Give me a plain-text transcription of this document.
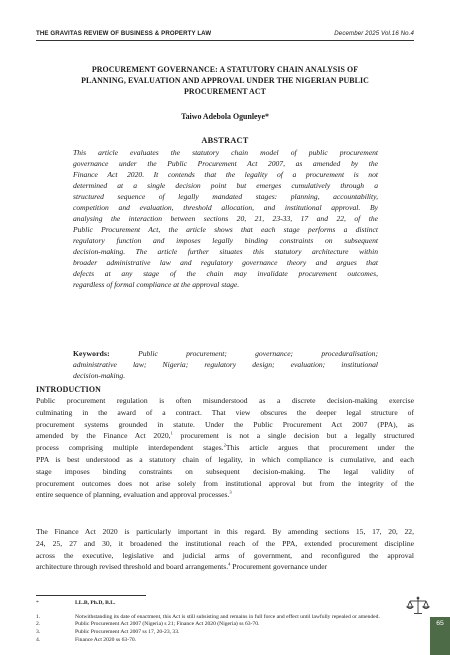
THE GRAVITAS REVIEW OF BUSINESS & PROPERTY LAW	December 2025 Vol.16 No.4
PROCUREMENT GOVERNANCE: A STATUTORY CHAIN ANALYSIS OF
PLANNING, EVALUATION AND APPROVAL UNDER THE NIGERIAN PUBLIC
PROCUREMENT ACT
Taiwo Adebola Ogunleye*
ABSTRACT
This article evaluates the statutory chain model of public procurement
governance under the Public Procurement Act 2007, as amended by the
Finance Act 2020. It contends that the legality of a procurement is not
determined at a single decision point but emerges cumulatively through a
structured sequence of legally mandated stages: planning, accountability,
competition and evaluation, threshold allocation, and institutional approval. By
analysing the interaction between sections 20, 21, 23-33, 17 and 22, of the
Public Procurement Act, the article shows that each stage performs a distinct
regulatory function and imposes legally binding constraints on subsequent
decision-making. The article further situates this statutory architecture within
broader administrative law and regulatory governance theory and argues that
defects at any stage of the chain may invalidate procurement outcomes,
regardless of formal compliance at the approval stage.
Keywords:	Public procurement; governance; proceduralisation;
administrative law; Nigeria; regulatory design; evaluation; institutional
decision-making.
INTRODUCTION
Public procurement regulation is often misunderstood as a discrete decision-making exercise
culminating in the award of a contract. That view obscures the deeper legal structure of
procurement systems grounded in statute. Under the Public Procurement Act 2007 (PPA), as
amended by the Finance Act 2020,$^1$ procurement is not a single decision but a legally structured
process comprising multiple interdependent stages.$^2$This article argues that procurement under the
PPA is best understood as a statutory chain of legality, in which compliance is cumulative, and each
stage imposes binding constraints on subsequent decision-making. The legal validity of
procurement outcomes does not arise solely from institutional approval but from the integrity of the
entire sequence of planning, evaluation and approval processes.$^3$
The Finance Act 2020 is particularly important in this regard. By amending sections 15, 17, 20, 22,
24, 25, 27 and 30, it broadened the institutional reach of the PPA, extended procurement discipline
across the executive, legislative and judicial arms of government, and reconfigured the approval
architecture through revised threshold and board arrangements.$^4$ Procurement governance under
*	LL.B, Ph.D, B.L.
1.	Notwithstanding its date of enactment, this Act is still subsisting and remains in full force and effect until lawfully repealed or amended.
2.	Public Procurement Act 2007 (Nigeria) s 21; Finance Act 2020 (Nigeria) ss 63-70.
3.	Public Procurement Act 2007 ss 17, 20-23, 33.
4.	Finance Act 2020 ss 63-70.
65
